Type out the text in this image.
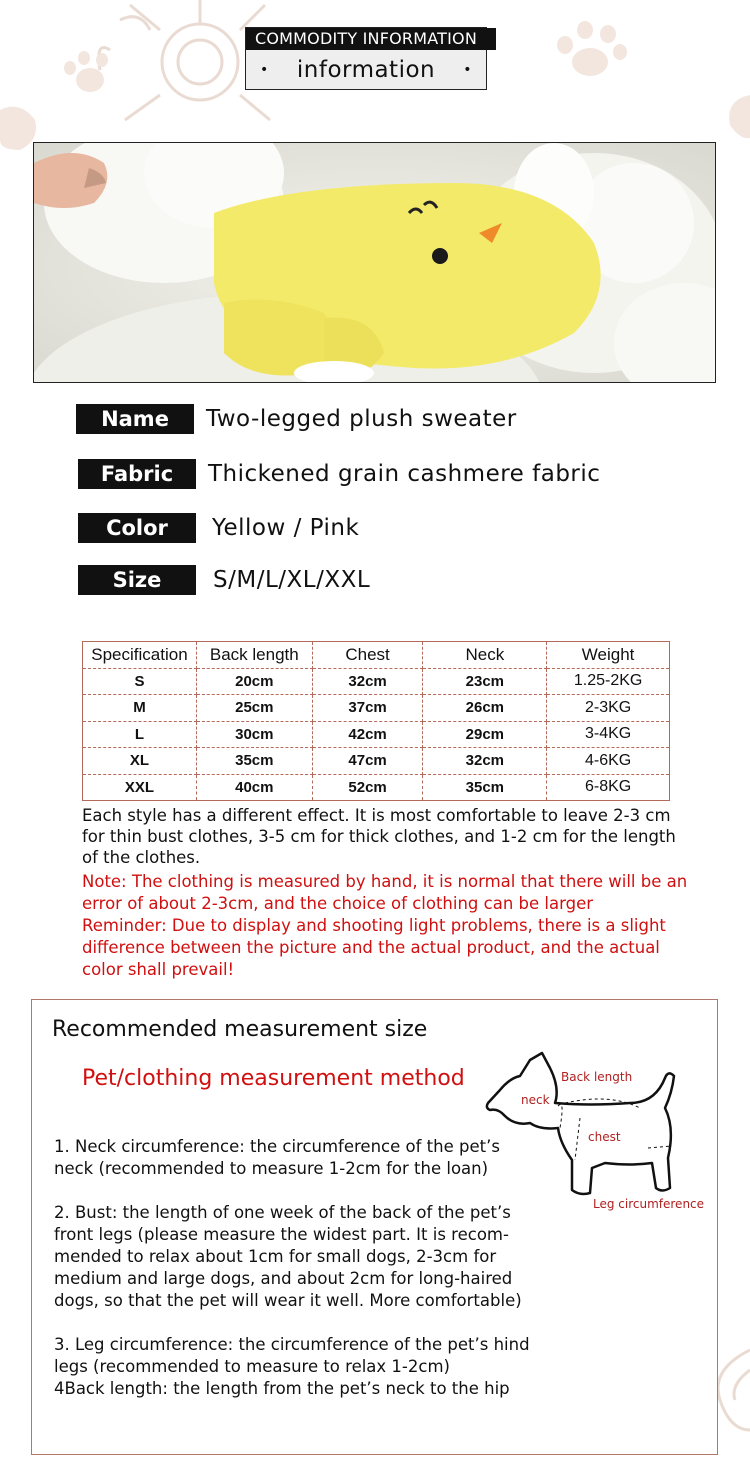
COMMODITY INFORMATION
• information •
Name	Two-legged plush sweater
Fabric	Thickened grain cashmere fabric
Color	Yellow / Pink
Size	S/M/L/XL/XXL
Specification	Back length	Chest	Neck	Weight
S	20cm	32cm	23cm	1.25-2KG
M	25cm	37cm	26cm	2-3KG
L	30cm	42cm	29cm	3-4KG
XL	35cm	47cm	32cm	4-6KG
XXL	40cm	52cm	35cm	6-8KG
Each style has a different effect. It is most comfortable to leave 2-3 cm for thin bust clothes, 3-5 cm for thick clothes, and 1-2 cm for the length of the clothes.
Note: The clothing is measured by hand, it is normal that there will be an error of about 2-3cm, and the choice of clothing can be larger
Reminder: Due to display and shooting light problems, there is a slight difference between the picture and the actual product, and the actual color shall prevail!
Recommended measurement size
Pet/clothing measurement method	Back length
neck
chest
Leg circumference

1. Neck circumference: the circumference of the pet’s neck (recommended to measure 1-2cm for the loan)

2. Bust: the length of one week of the back of the pet’s front legs (please measure the widest part. It is recom-mended to relax about 1cm for small dogs, 2-3cm for medium and large dogs, and about 2cm for long-haired dogs, so that the pet will wear it well. More comfortable)

3. Leg circumference: the circumference of the pet’s hind legs (recommended to measure to relax 1-2cm)

4Back length: the length from the pet’s neck to the hip
